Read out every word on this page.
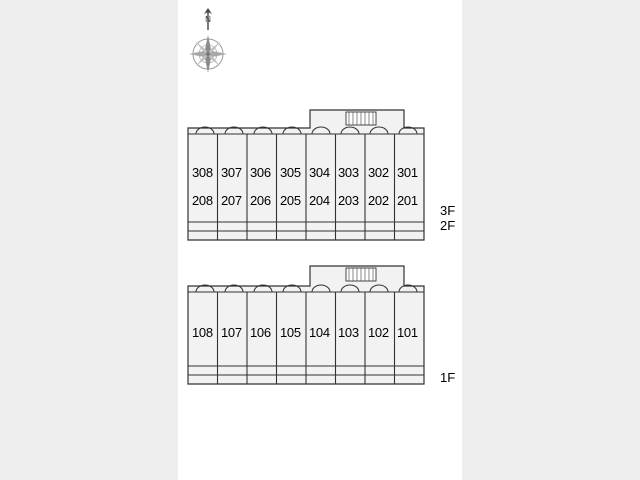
N
308 307 306 305 304 303 302 301
208 207 206 205 204 203 202 201
3F
2F
108 107 106 105 104 103 102 101
1F
